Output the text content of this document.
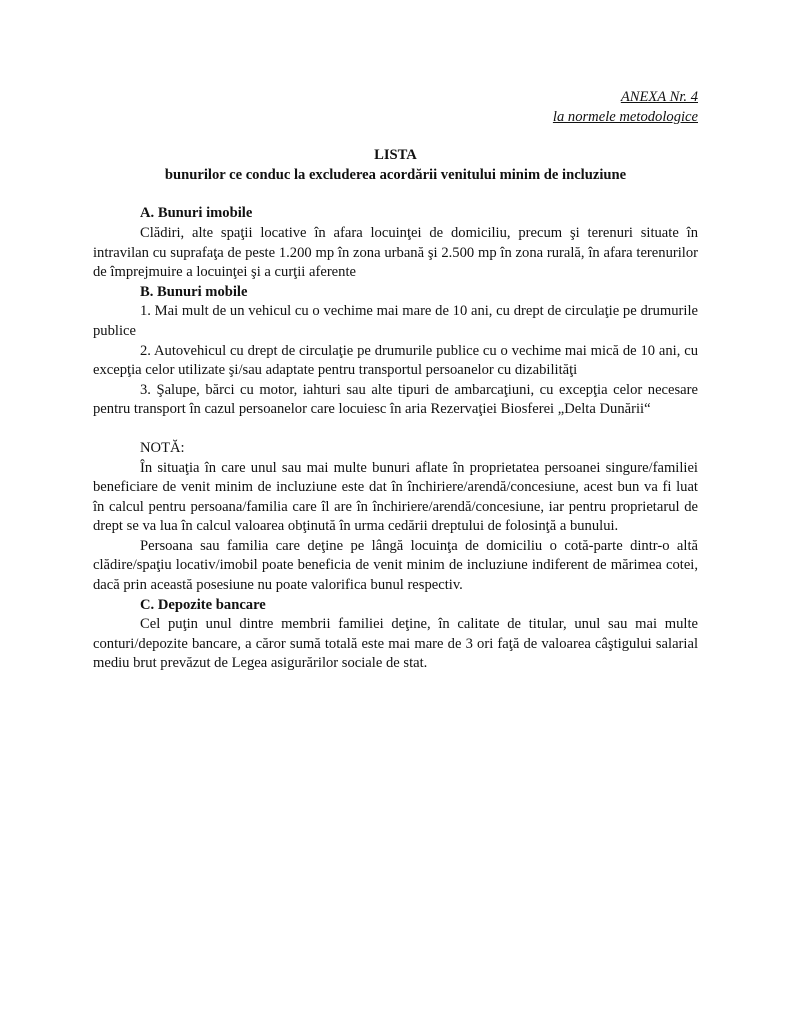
ANEXA Nr. 4
la normele metodologice
LISTA
bunurilor ce conduc la excluderea acordării venitului minim de incluziune

A. Bunuri imobile

Clădiri, alte spaţii locative în afara locuinţei de domiciliu, precum şi terenuri situate în intravilan cu suprafaţa de peste 1.200 mp în zona urbană şi 2.500 mp în zona rurală, în afara terenurilor de împrejmuire a locuinţei şi a curţii aferente

B. Bunuri mobile

1. Mai mult de un vehicul cu o vechime mai mare de 10 ani, cu drept de circulaţie pe drumurile publice

2. Autovehicul cu drept de circulaţie pe drumurile publice cu o vechime mai mică de 10 ani, cu excepţia celor utilizate şi/sau adaptate pentru transportul persoanelor cu dizabilităţi

3. Şalupe, bărci cu motor, iahturi sau alte tipuri de ambarcaţiuni, cu excepţia celor necesare pentru transport în cazul persoanelor care locuiesc în aria Rezervaţiei Biosferei „Delta Dunării“

NOTĂ:

În situaţia în care unul sau mai multe bunuri aflate în proprietatea persoanei singure/familiei beneficiare de venit minim de incluziune este dat în închiriere/arendă/concesiune, acest bun va fi luat în calcul pentru persoana/familia care îl are în închiriere/arendă/concesiune, iar pentru proprietarul de drept se va lua în calcul valoarea obţinută în urma cedării dreptului de folosinţă a bunului.

Persoana sau familia care deţine pe lângă locuinţa de domiciliu o cotă-parte dintr-o altă clădire/spaţiu locativ/imobil poate beneficia de venit minim de incluziune indiferent de mărimea cotei, dacă prin această posesiune nu poate valorifica bunul respectiv.

C. Depozite bancare

Cel puţin unul dintre membrii familiei deţine, în calitate de titular, unul sau mai multe conturi/depozite bancare, a căror sumă totală este mai mare de 3 ori faţă de valoarea câştigului salarial mediu brut prevăzut de Legea asigurărilor sociale de stat.
